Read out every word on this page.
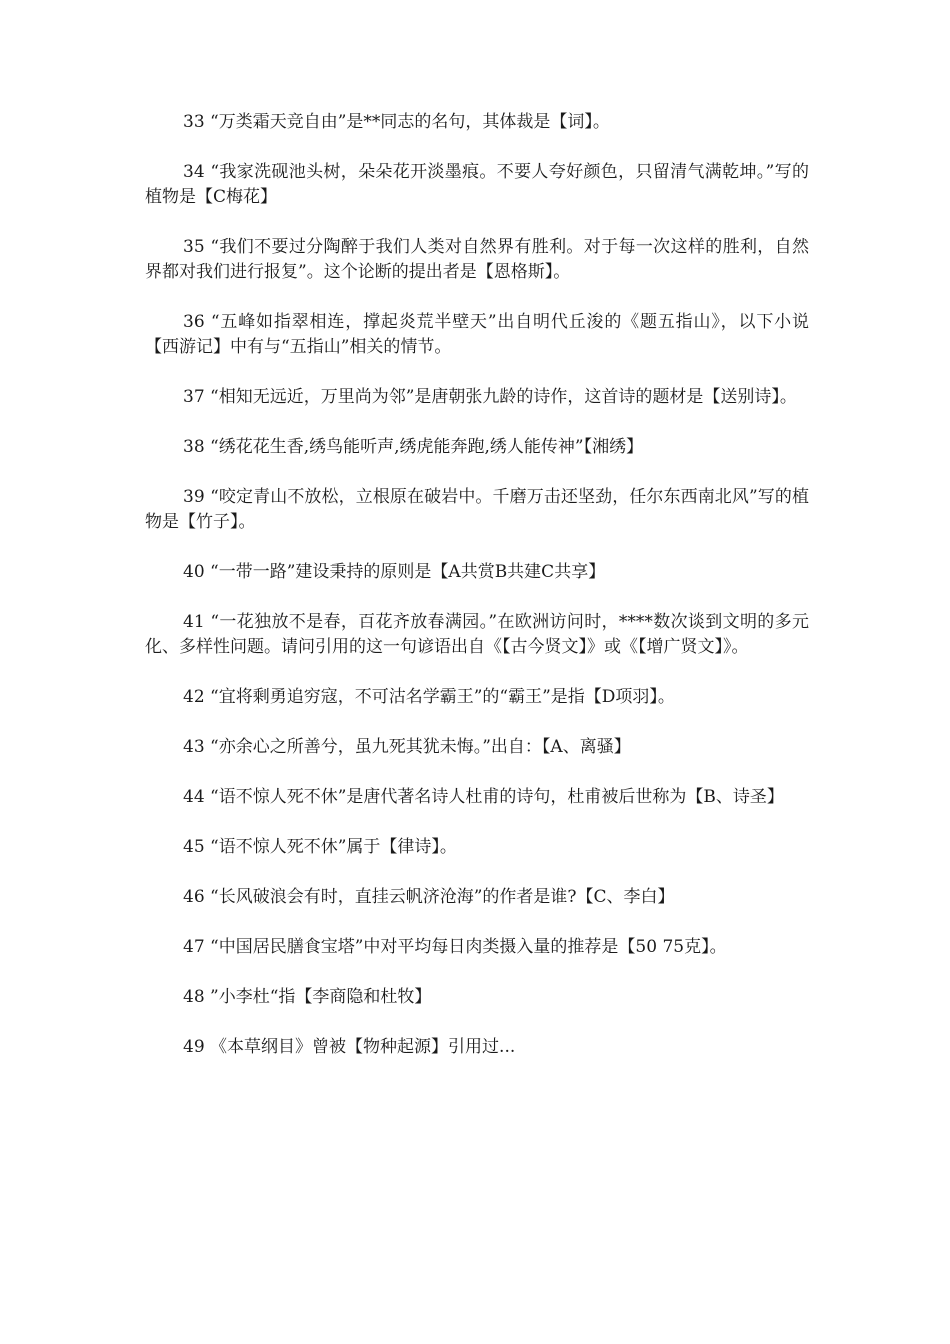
33 “万类霜天竞自由”是**同志的名句，其体裁是【词】。

34 “我家洗砚池头树，朵朵花开淡墨痕。不要人夸好颜色，只留清气满乾坤。”写的植物是【C梅花】

35 “我们不要过分陶醉于我们人类对自然界有胜利。对于每一次这样的胜利，自然界都对我们进行报复”。这个论断的提出者是【恩格斯】。

36 “五峰如指翠相连，撑起炎荒半壁天”出自明代丘浚的《题五指山》，以下小说【西游记】中有与“五指山”相关的情节。

37 “相知无远近，万里尚为邻”是唐朝张九龄的诗作，这首诗的题材是【送别诗】。

38 “绣花花生香,绣鸟能听声,绣虎能奔跑,绣人能传神”【湘绣】

39 “咬定青山不放松，立根原在破岩中。千磨万击还坚劲，任尔东西南北风”写的植物是【竹子】。

40 “一带一路”建设秉持的原则是【A共赏B共建C共享】

41 “一花独放不是春，百花齐放春满园。”在欧洲访问时，****数次谈到文明的多元化、多样性问题。请问引用的这一句谚语出自《【古今贤文】》或《【增广贤文】》。

42 “宜将剩勇追穷寇，不可沽名学霸王”的“霸王”是指【D项羽】。

43 “亦余心之所善兮，虽九死其犹未悔。”出自：【A、离骚】

44 “语不惊人死不休”是唐代著名诗人杜甫的诗句，杜甫被后世称为【B、诗圣】

45 “语不惊人死不休”属于【律诗】。

46 “长风破浪会有时，直挂云帆济沧海”的作者是谁?【C、李白】

47 “中国居民膳食宝塔”中对平均每日肉类摄入量的推荐是【50 75克】。

48 ”小李杜“指【李商隐和杜牧】

49 《本草纲目》曾被【物种起源】引用过...
